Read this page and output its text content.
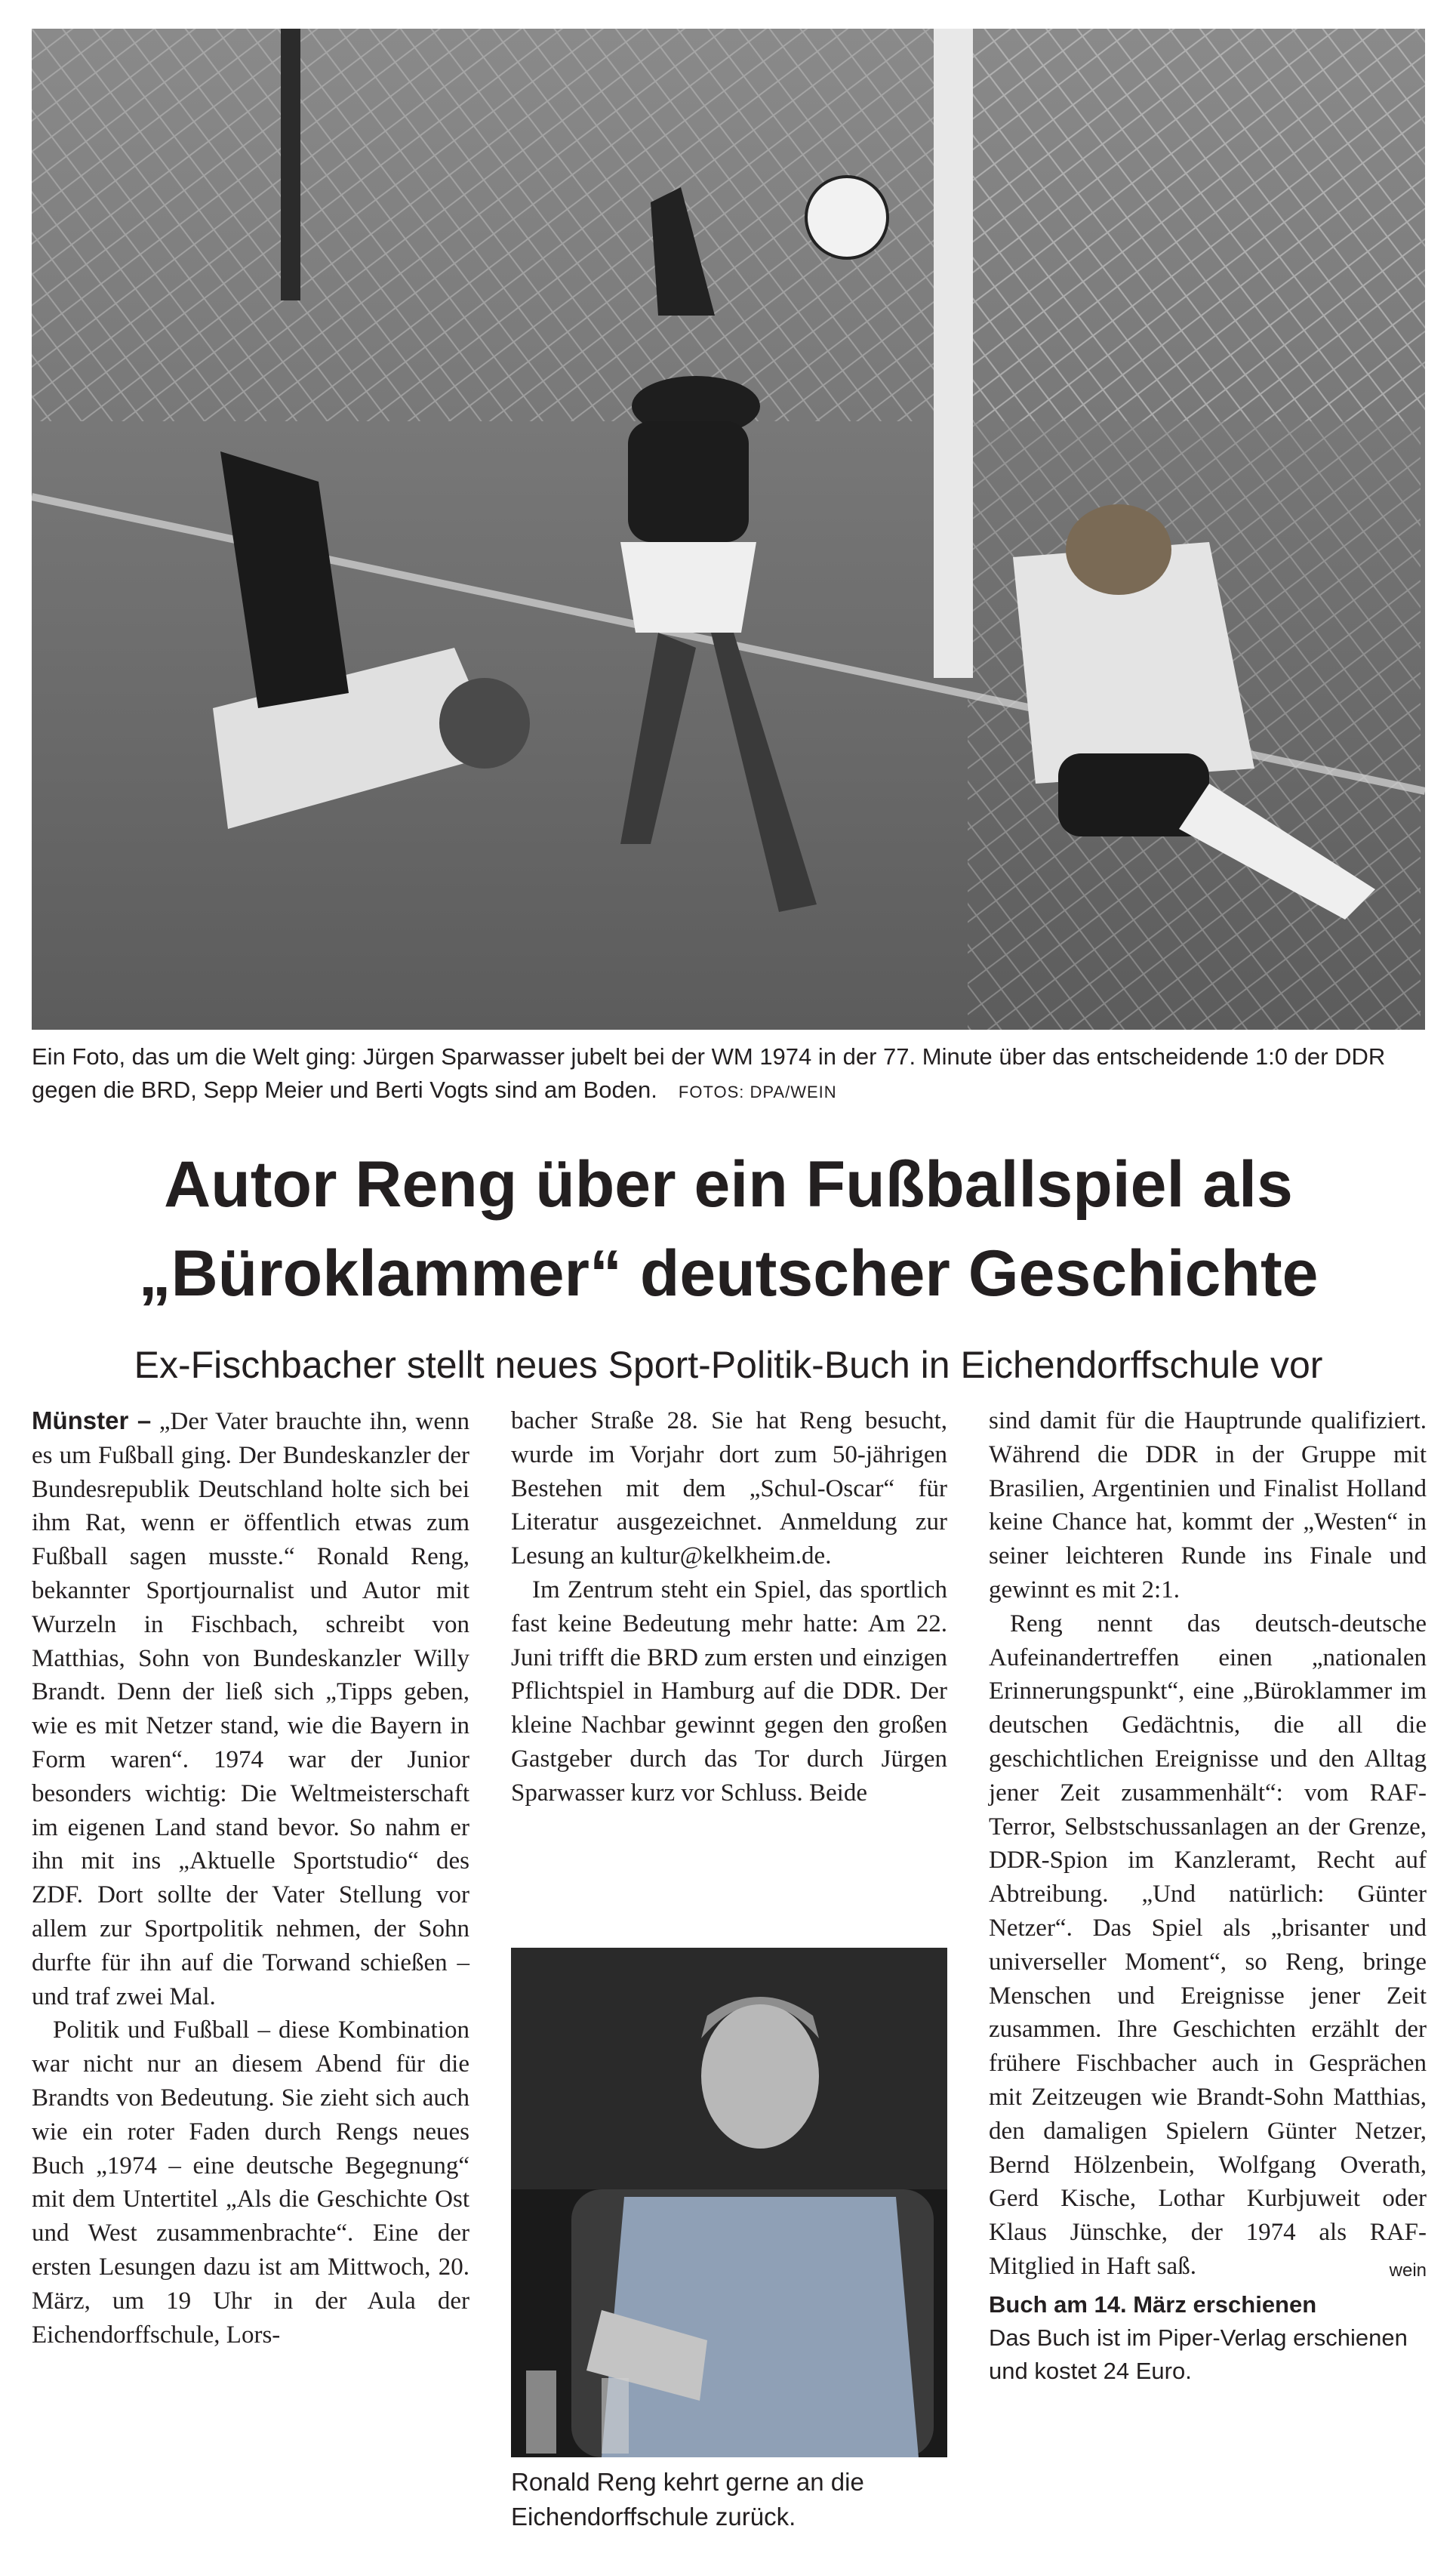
Ein Foto, das um die Welt ging: Jürgen Sparwasser jubelt bei der WM 1974 in der 77. Minute über das entscheidende 1:0 der DDR gegen die BRD, Sepp Meier und Berti Vogts sind am Boden. FOTOS: DPA/WEIN
Autor Reng über ein Fußballspiel als
„Büroklammer“ deutscher Geschichte
Ex-Fischbacher stellt neues Sport-Politik-Buch in Eichendorffschule vor

Münster – „Der Vater brauchte ihn, wenn es um Fußball ging. Der Bundeskanzler der Bundesrepublik Deutschland holte sich bei ihm Rat, wenn er öffentlich etwas zum Fußball sagen musste.“ Ronald Reng, bekannter Sportjournalist und Autor mit Wurzeln in Fischbach, schreibt von Matthias, Sohn von Bundeskanzler Willy Brandt. Denn der ließ sich „Tipps geben, wie es mit Netzer stand, wie die Bayern in Form waren“. 1974 war der Junior besonders wichtig: Die Weltmeisterschaft im eigenen Land stand bevor. So nahm er ihn mit ins „Aktuelle Sportstudio“ des ZDF. Dort sollte der Vater Stellung vor allem zur Sportpolitik nehmen, der Sohn durfte für ihn auf die Torwand schießen – und traf zwei Mal.

Politik und Fußball – diese Kombination war nicht nur an diesem Abend für die Brandts von Bedeutung. Sie zieht sich auch wie ein roter Faden durch Rengs neues Buch „1974 – eine deutsche Begegnung“ mit dem Untertitel „Als die Geschichte Ost und West zusammenbrachte“. Eine der ersten Lesungen dazu ist am Mittwoch, 20. März, um 19 Uhr in der Aula der Eichendorffschule, Lors-

bacher Straße 28. Sie hat Reng besucht, wurde im Vorjahr dort zum 50-jährigen Bestehen mit dem „Schul-Oscar“ für Literatur ausgezeichnet. Anmeldung zur Lesung an kultur@kelkheim.de.

Im Zentrum steht ein Spiel, das sportlich fast keine Bedeutung mehr hatte: Am 22. Juni trifft die BRD zum ersten und einzigen Pflichtspiel in Hamburg auf die DDR. Der kleine Nachbar gewinnt gegen den großen Gastgeber durch das Tor durch Jürgen Sparwasser kurz vor Schluss. Beide

Ronald Reng kehrt gerne an die Eichendorffschule zurück.

sind damit für die Hauptrunde qualifiziert. Während die DDR in der Gruppe mit Brasilien, Argentinien und Finalist Holland keine Chance hat, kommt der „Westen“ in seiner leichteren Runde ins Finale und gewinnt es mit 2:1.

Reng nennt das deutsch-deutsche Aufeinandertreffen einen „nationalen Erinnerungspunkt“, eine „Büroklammer im deutschen Gedächtnis, die all die geschichtlichen Ereignisse und den Alltag jener Zeit zusammenhält“: vom RAF-Terror, Selbstschussanlagen an der Grenze, DDR-Spion im Kanzleramt, Recht auf Abtreibung. „Und natürlich: Günter Netzer“. Das Spiel als „brisanter und universeller Moment“, so Reng, bringe Menschen und Ereignisse jener Zeit zusammen. Ihre Geschichten erzählt der frühere Fischbacher auch in Gesprächen mit Zeitzeugen wie Brandt-Sohn Matthias, den damaligen Spielern Günter Netzer, Bernd Hölzenbein, Wolfgang Overath, Gerd Kische, Lothar Kurbjuweit oder Klaus Jünschke, der 1974 als RAF-Mitglied in Haft saß.	wein

Buch am 14. März erschienen
Das Buch ist im Piper-Verlag erschienen und kostet 24 Euro.
